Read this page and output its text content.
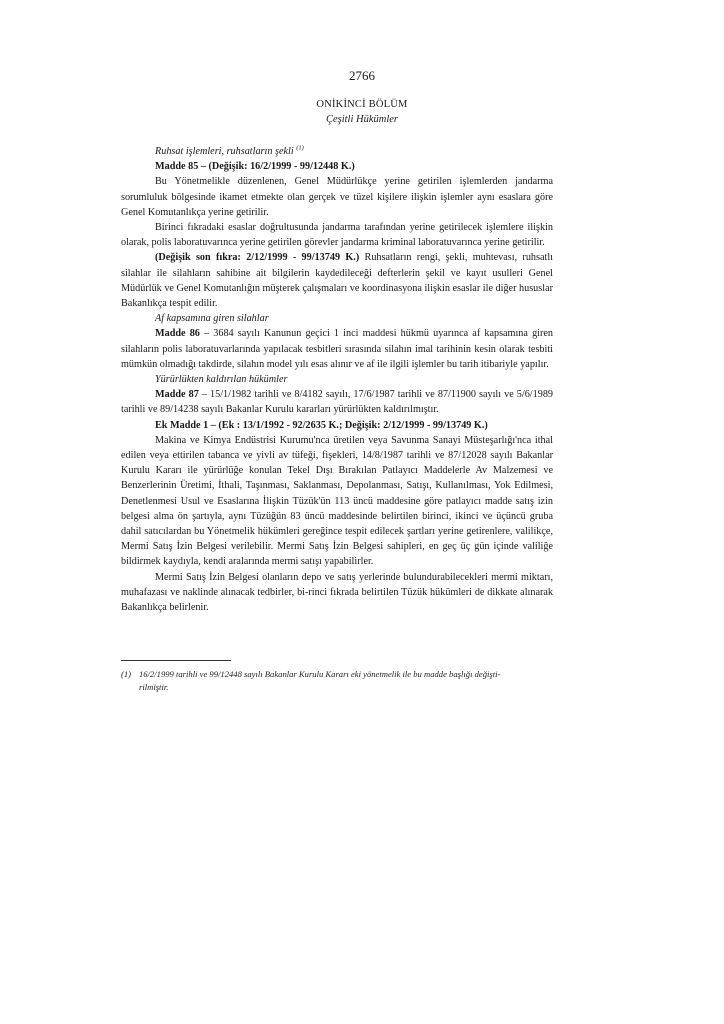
2766
ONİKİNCİ BÖLÜM
Çeşitli Hükümler

Ruhsat işlemleri, ruhsatların şekli $^{(1)}$

Madde 85 – (Değişik: 16/2/1999 - 99/12448 K.)

Bu Yönetmelikle düzenlenen, Genel Müdürlükçe yerine getirilen işlemlerden jandarma sorumluluk bölgesinde ikamet etmekte olan gerçek ve tüzel kişilere ilişkin işlemler aynı esaslara göre Genel Komutanlıkça yerine getirilir.

Birinci fıkradaki esaslar doğrultusunda jandarma tarafından yerine getirilecek işlemlere ilişkin olarak, polis laboratuvarınca yerine getirilen görevler jandarma kriminal laboratuvarınca yerine getirilir.

(Değişik son fıkra: 2/12/1999 - 99/13749 K.) Ruhsatların rengi, şekli, muhtevası, ruhsatlı silahlar ile silahların sahibine ait bilgilerin kaydedileceği defterlerin şekil ve kayıt usulleri Genel Müdürlük ve Genel Komutanlığın müşterek çalışmaları ve koordinasyona ilişkin esaslar ile diğer hususlar Bakanlıkça tespit edilir.

Af kapsamına giren silahlar

Madde 86 – 3684 sayılı Kanunun geçici 1 inci maddesi hükmü uyarınca af kapsamına giren silahların polis laboratuvarlarında yapılacak tesbitleri sırasında silahın imal tarihinin kesin olarak tesbiti mümkün olmadığı takdirde, silahın model yılı esas alınır ve af ile ilgili işlemler bu tarih itibariyle yapılır.

Yürürlükten kaldırılan hükümler

Madde 87 – 15/1/1982 tarihli ve 8/4182 sayılı, 17/6/1987 tarihli ve 87/11900 sayılı ve 5/6/1989 tarihli ve 89/14238 sayılı Bakanlar Kurulu kararları yürürlükten kaldırılmıştır.

Ek Madde 1 – (Ek : 13/1/1992 - 92/2635 K.; Değişik: 2/12/1999 - 99/13749 K.)

Makina ve Kimya Endüstrisi Kurumu'nca üretilen veya Savunma Sanayi Müsteşarlığı'nca ithal edilen veya ettirilen tabanca ve yivli av tüfeği, fişekleri, 14/8/1987 tarihli ve 87/12028 sayılı Bakanlar Kurulu Kararı ile yürürlüğe konulan Tekel Dışı Bırakılan Patlayıcı Maddelerle Av Malzemesi ve Benzerlerinin Üretimi, İthali, Taşınması, Saklanması, Depolanması, Satışı, Kullanılması, Yok Edilmesi, Denetlenmesi Usul ve Esaslarına İlişkin Tüzük'ün 113 üncü maddesine göre patlayıcı madde satış izin belgesi alma ön şartıyla, aynı Tüzüğün 83 üncü maddesinde belirtilen birinci, ikinci ve üçüncü gruba dahil satıcılardan bu Yönetmelik hükümleri gereğince tespit edilecek şartları yerine getirenlere, valilikçe, Mermi Satış İzin Belgesi verilebilir. Mermi Satış İzin Belgesi sahipleri, en geç üç gün içinde valiliğe bildirmek kaydıyla, kendi aralarında mermi satışı yapabilirler.

Mermi Satış İzin Belgesi olanların depo ve satış yerlerinde bulundurabilecekleri mermi miktarı, muhafazası ve naklinde alınacak tedbirler, bi-rinci fıkrada belirtilen Tüzük hükümleri de dikkate alınarak Bakanlıkça belirlenir.

(1) 16/2/1999 tarihli ve 99/12448 sayılı Bakanlar Kurulu Kararı eki yönetmelik ile bu madde başlığı değişti-
rilmiştir.
